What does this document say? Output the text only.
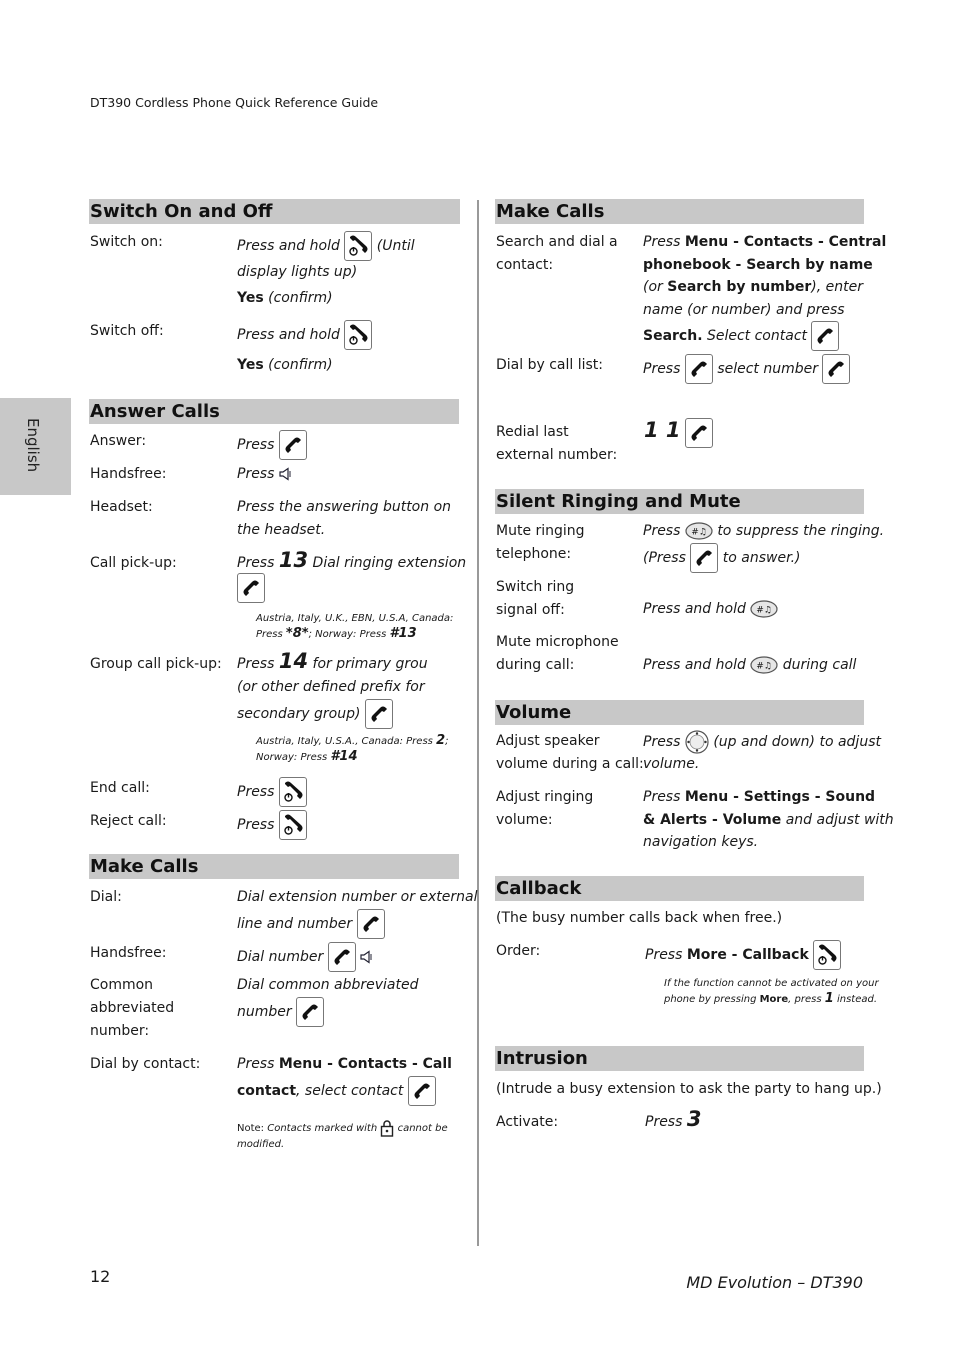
DT390 Cordless Phone Quick Reference Guide
English
Switch On and Off
Switch on:	Press and hold	(Until display lights up)
Yes (confirm)
Switch off:	Press and hold
Yes (confirm)
Answer Calls
Answer:	Press
Handsfree:	Press
Headset:	Press the answering button on the headset.
Call pick-up:	Press 13 Dial ringing extension
Austria, Italy, U.K., EBN, U.S.A, Canada:
Press *8*; Norway: Press #13
Group call pick-up: Press 14 for primary grou
(or other defined prefix for
secondary group)
Austria, Italy, U.S.A., Canada: Press 2;
Norway: Press #14
End call:	Press
Reject call:	Press
Make Calls
Dial:	Dial extension number or external
line and number
Handsfree:	Dial number

Common
abbreviated
number:
Dial common abbreviated
number
Dial by contact:	Press Menu - Contacts - Call
contact, select contact
Note: Contacts marked with cannot be
modified.
Make Calls
Search and dial a
contact:
Press Menu - Contacts - Central
phonebook - Search by name
(or Search by number), enter
name (or number) and press
Search. Select contact
Dial by call list:	Press	select number
Redial last
external number:
1 1
Silent Ringing and Mute
Mute ringing
telephone:
Press	to suppress the ringing.
(Press	to answer.)
Switch ring
signal off:	Press and hold
Mute microphone
during call:	Press and hold	during call
Volume
Adjust speaker
volume during a call:
Press (up and down) to adjust
volume.
Adjust ringing
volume:
Press Menu - Settings - Sound
& Alerts - Volume and adjust with
navigation keys.
Callback
(The busy number calls back when free.)
Order:	Press More - Callback
If the function cannot be activated on your
phone by pressing More, press 1 instead.
Intrusion
(Intrude a busy extension to ask the party to hang up.)
Activate:	Press 3
12	MD Evolution – DT390
